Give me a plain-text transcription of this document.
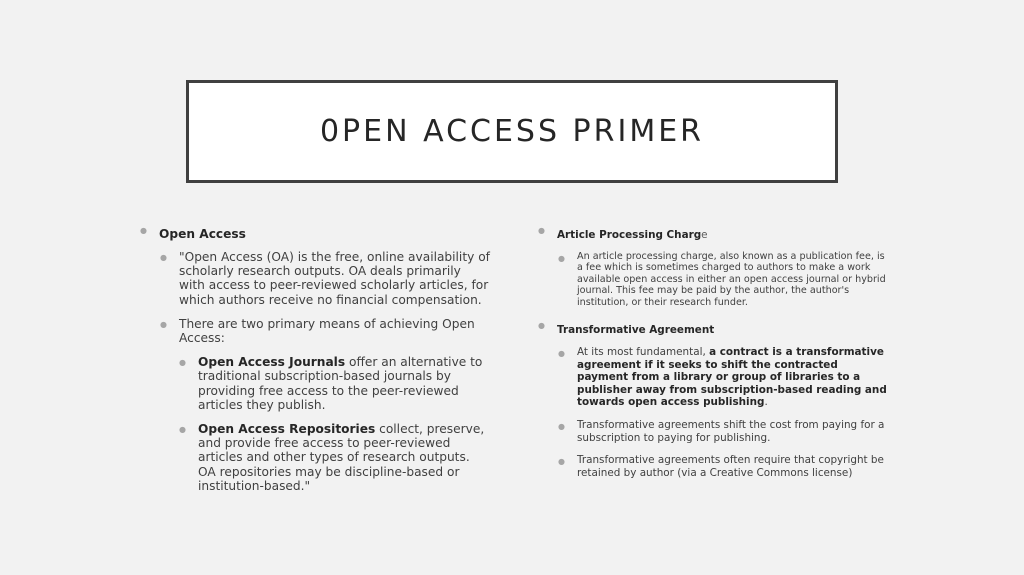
0PEN ACCESS PRIMER
● Open Access
● "Open Access (OA) is the free, online availability of scholarly research outputs. OA deals primarily with access to peer-reviewed scholarly articles, for which authors receive no financial compensation.
● There are two primary means of achieving Open Access:
● Open Access Journals offer an alternative to traditional subscription-based journals by providing free access to the peer-reviewed articles they publish.
● Open Access Repositories collect, preserve, and provide free access to peer-reviewed articles and other types of research outputs. OA repositories may be discipline-based or institution-based."
● Article Processing Charge
● An article processing charge, also known as a publication fee, is a fee which is sometimes charged to authors to make a work available open access in either an open access journal or hybrid journal. This fee may be paid by the author, the author's institution, or their research funder.
● Transformative Agreement
● At its most fundamental, a contract is a transformative agreement if it seeks to shift the contracted payment from a library or group of libraries to a publisher away from subscription-based reading and towards open access publishing.
● Transformative agreements shift the cost from paying for a subscription to paying for publishing.
● Transformative agreements often require that copyright be retained by author (via a Creative Commons license)
